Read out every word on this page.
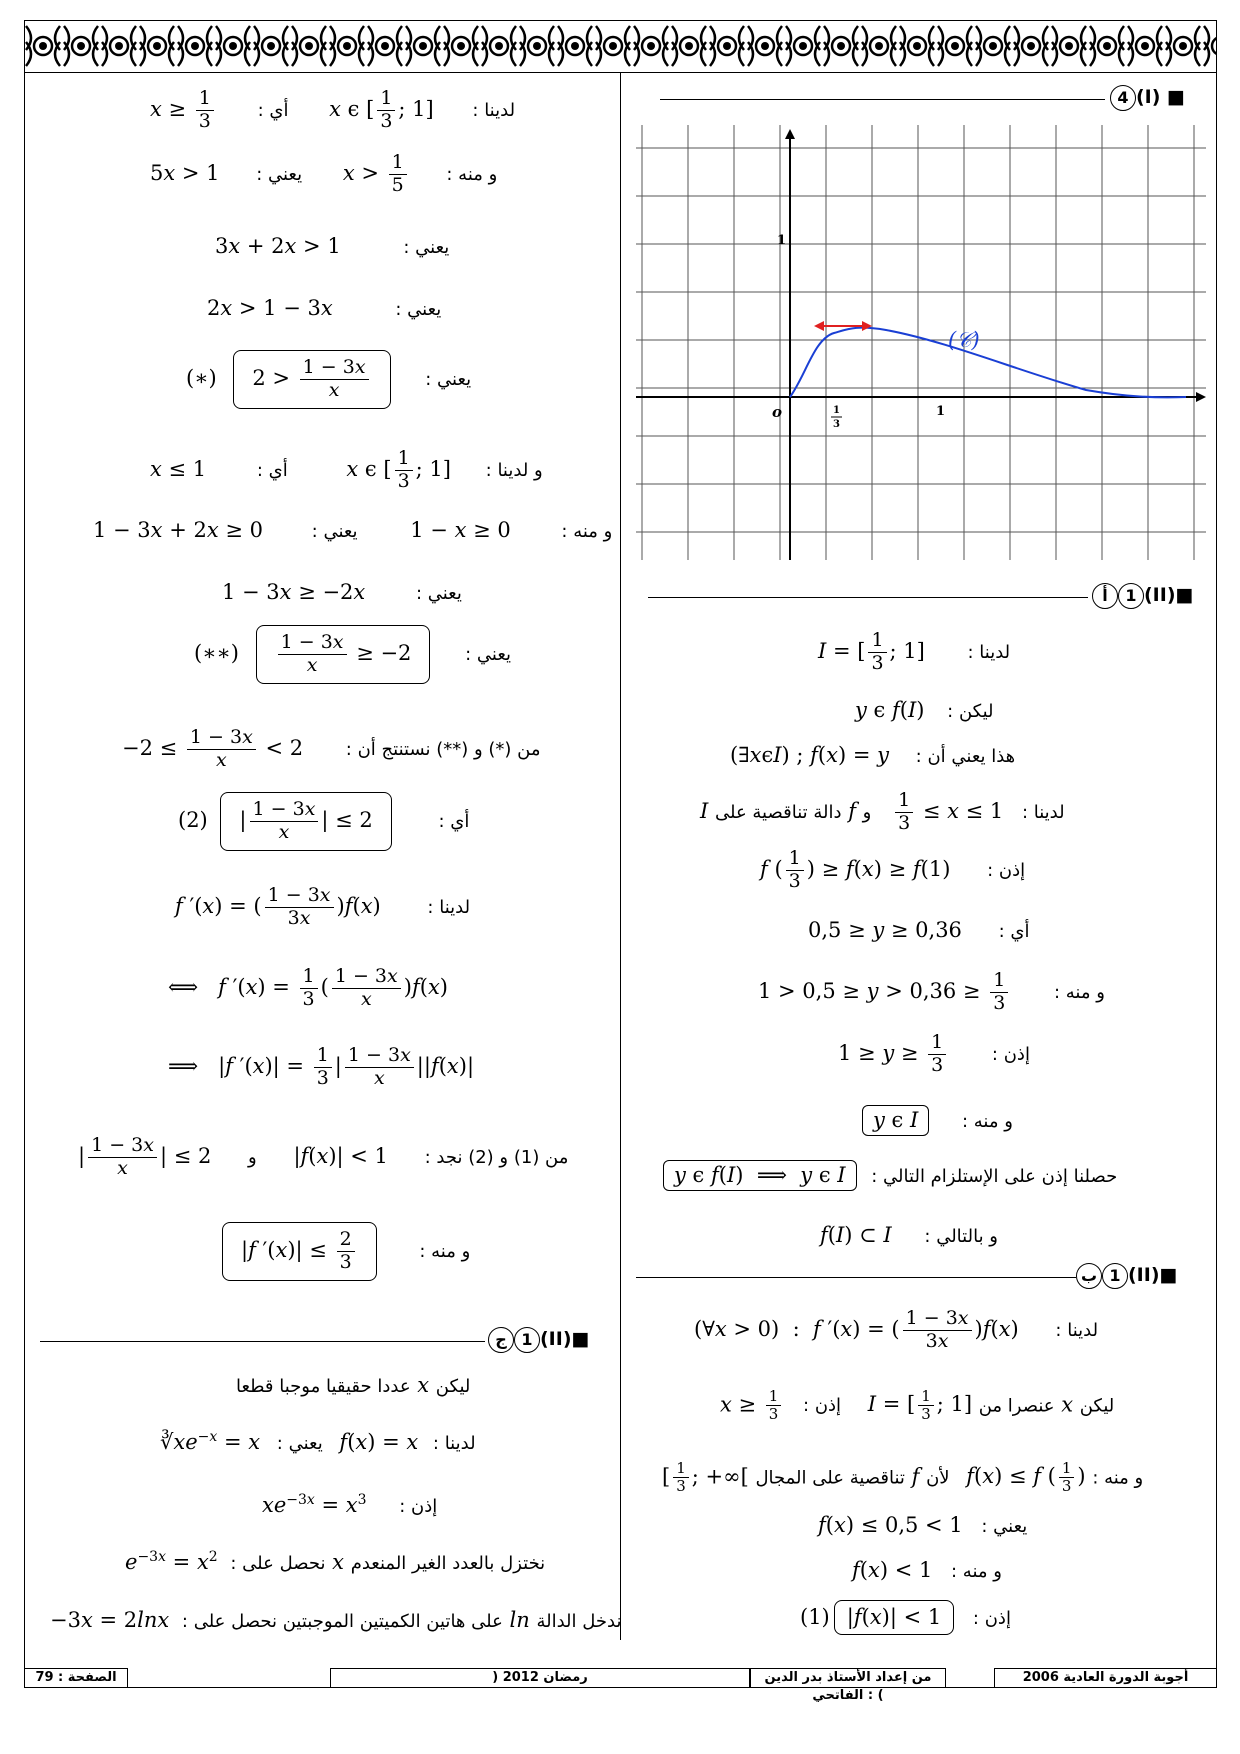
4 (I) ■
(𝒞)
o
1
1
1
3
أ 1 (II)■
I = [ $\frac{1}{3}$ ; 1] لدينا :
y ϵ f(I) ليكن :
(∃xϵI) ; f(x) = y هذا يعني أن :
I دالة تناقصية على f و $\frac{1}{3} \le x \le 1$ لدينا :
f ( $\frac{1}{3}$ ) ≥ f(x) ≥ f(1) إذن :
0,5 ≥ y ≥ 0,36 أي :
$1 > 0,5 \ge y > 0,36 \ge \frac{1}{3}$	و منه :
$1 \ge y \ge \frac{1}{3}$	إذن :
y ϵ I و منه :
y ϵ f(I)  ⟹  y ϵ I حصلنا إذن على الإستلزام التالي :
f(I) ⊂ I و بالتالي :
ب 1 (II)■
(∀x > 0)  :  f ′(x) = ( $\frac{1 - 3x}{3x} )f(x)$ لدينا :
$x \ge \frac{1}{3}$ إذن : I = [ $\frac{1}{3}$ ; 1] عنصرا من x ليكن
[ $\frac{1}{3}$ ; +∞[ تناقصية على المجال f لأن f(x) ≤ f ( $\frac{1}{3}$ ) و منه :
f(x) ≤ 0,5 < 1 يعني :
f(x) < 1 و منه :
(1) |f(x)| < 1 إذن :
$x \ge \frac{1}{3}$ أي : x ϵ [ $\frac{1}{3}$ ; 1] لدينا :
5x > 1 يعني : $x > \frac{1}{5}$ و منه :
3x + 2x > 1	يعني :
2x > 1 − 3x	يعني :
(∗) $2 > \frac{1 - 3x}{x}$	يعني :
x ≤ 1 أي :	x ϵ [ $\frac{1}{3}$ ; 1] و لدينا :
1 − 3x + 2x ≥ 0 يعني :	1 − x ≥ 0	و منه :
1 − 3x ≥ −2x	يعني :
(∗∗) $\frac{1 - 3x}{x} \ge -2$	يعني :
$-2 \le \frac{1 - 3x}{x} < 2$ من (*) و (**) نستنتج أن :
(2) | $\frac{1 - 3x}{x}$ | ≤ 2	أي :
f ′(x) = ( $\frac{1 - 3x}{3x} )f(x)$ لدينا :
⟺   f $'(x) = \frac{1}{3}$ ( $\frac{1 - 3x}{x} )f(x)$
⟹   |f $'(x)| = \frac{1}{3}$ | $\frac{1 - 3x}{x} ||f(x)|$
| $\frac{1 - 3x}{x}$ | ≤ 2 و |f(x)| < 1 من (1) و (2) نجد :
|f $'(x)| \le \frac{2}{3}$	و منه :
ج 1 (II)■
عددا حقيقيا موجبا قطعا x ليكن
$∛xe^{-x} = x$ يعني : f(x) = x لدينا :
$xe^{-3x} = x^3$ إذن :
$e^{-3x} = x^2$ نحصل على : x نختزل بالعدد الغير المنعدم
−3x = 2lnx على هاتين الكميتين الموجبتين نحصل على : ln ندخل الدالة
الصفحة : 79	) رمضان 2012	من إعداد الأستاذ بدر الدين الفاتحي : (
أجوبة الدورة العادية 2006
